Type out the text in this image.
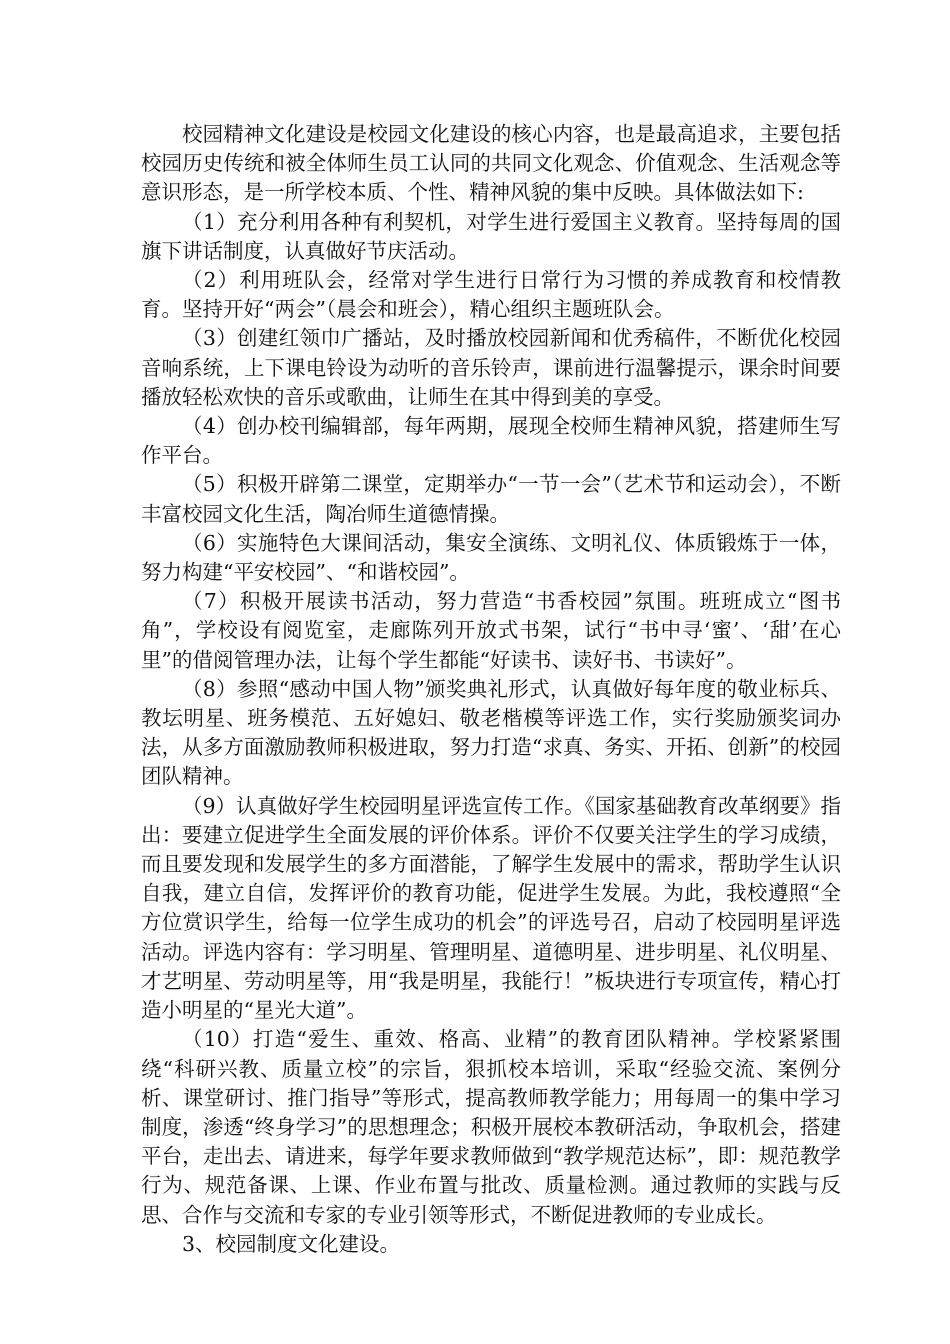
校园精神文化建设是校园文化建设的核心内容，也是最高追求，主要包括校园历史传统和被全体师生员工认同的共同文化观念、价值观念、生活观念等意识形态，是一所学校本质、个性、精神风貌的集中反映。具体做法如下:

（1）充分利用各种有利契机，对学生进行爱国主义教育。坚持每周的国旗下讲话制度，认真做好节庆活动。

（2）利用班队会，经常对学生进行日常行为习惯的养成教育和校情教育。坚持开好“两会”（晨会和班会），精心组织主题班队会。

（3）创建红领巾广播站，及时播放校园新闻和优秀稿件，不断优化校园音响系统，上下课电铃设为动听的音乐铃声，课前进行温馨提示，课余时间要播放轻松欢快的音乐或歌曲，让师生在其中得到美的享受。

（4）创办校刊编辑部，每年两期，展现全校师生精神风貌，搭建师生写作平台。

（5）积极开辟第二课堂，定期举办“一节一会”（艺术节和运动会），不断丰富校园文化生活，陶冶师生道德情操。

（6）实施特色大课间活动，集安全演练、文明礼仪、体质锻炼于一体，努力构建“平安校园”、“和谐校园”。

（7）积极开展读书活动，努力营造“书香校园”氛围。班班成立“图书角”，学校设有阅览室，走廊陈列开放式书架，试行“书中寻‘蜜’、‘甜’在心里”的借阅管理办法，让每个学生都能“好读书、读好书、书读好”。

（8）参照“感动中国人物”颁奖典礼形式，认真做好每年度的敬业标兵、教坛明星、班务模范、五好媳妇、敬老楷模等评选工作，实行奖励颁奖词办法，从多方面激励教师积极进取，努力打造“求真、务实、开拓、创新”的校园团队精神。

（9）认真做好学生校园明星评选宣传工作。《国家基础教育改革纲要》指出：要建立促进学生全面发展的评价体系。评价不仅要关注学生的学习成绩，而且要发现和发展学生的多方面潜能，了解学生发展中的需求，帮助学生认识自我，建立自信，发挥评价的教育功能，促进学生发展。为此，我校遵照“全方位赏识学生，给每一位学生成功的机会”的评选号召，启动了校园明星评选活动。评选内容有：学习明星、管理明星、道德明星、进步明星、礼仪明星、才艺明星、劳动明星等，用“我是明星，我能行！”板块进行专项宣传，精心打造小明星的“星光大道”。

（10）打造“爱生、重效、格高、业精”的教育团队精神。学校紧紧围绕“科研兴教、质量立校”的宗旨，狠抓校本培训，采取“经验交流、案例分析、课堂研讨、推门指导”等形式，提高教师教学能力；用每周一的集中学习制度，渗透“终身学习”的思想理念；积极开展校本教研活动，争取机会，搭建平台，走出去、请进来，每学年要求教师做到“教学规范达标”，即：规范教学行为、规范备课、上课、作业布置与批改、质量检测。通过教师的实践与反思、合作与交流和专家的专业引领等形式，不断促进教师的专业成长。

3、校园制度文化建设。
